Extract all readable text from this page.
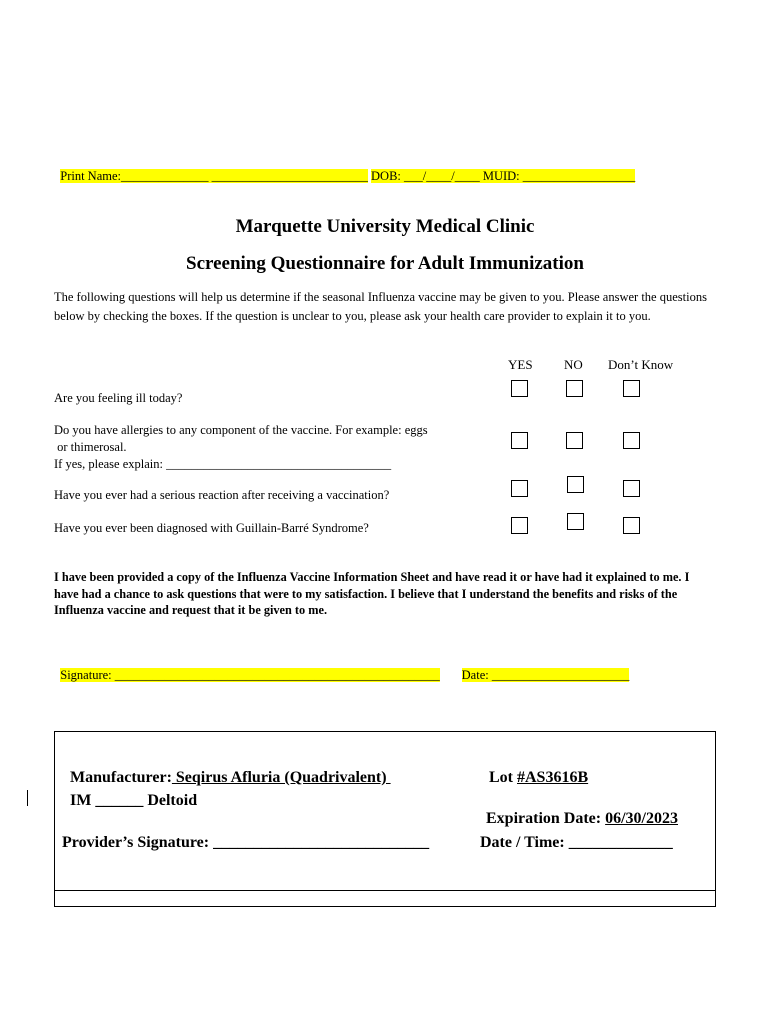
Print Name:______________ _________________________ DOB: ___/____/____ MUID: __________________

Marquette University Medical Clinic
Screening Questionnaire for Adult Immunization
The following questions will help us determine if the seasonal Influenza vaccine may be given to you. Please answer the questions below by checking the boxes. If the question is unclear to you, please ask your health care provider to explain it to you.
YES NO Don’t Know
Are you feeling ill today?
Do you have allergies to any component of the vaccine. For example: eggs
or thimerosal.
If yes, please explain: ____________________________________
Have you ever had a serious reaction after receiving a vaccination?
Have you ever been diagnosed with Guillain-Barré Syndrome?
I have been provided a copy of the Influenza Vaccine Information Sheet and have read it or have had it explained to me. I have had a chance to ask questions that were to my satisfaction. I believe that I understand the benefits and risks of the Influenza vaccine and request that it be given to me.

Signature: ____________________________________________________ Date: ______________________

Manufacturer: Seqirus Afluria (Quadrivalent)	Lot #AS3616B

IM ______ Deltoid

Expiration Date: 06/30/2023

Provider’s Signature: ___________________________	Date / Time: _____________
